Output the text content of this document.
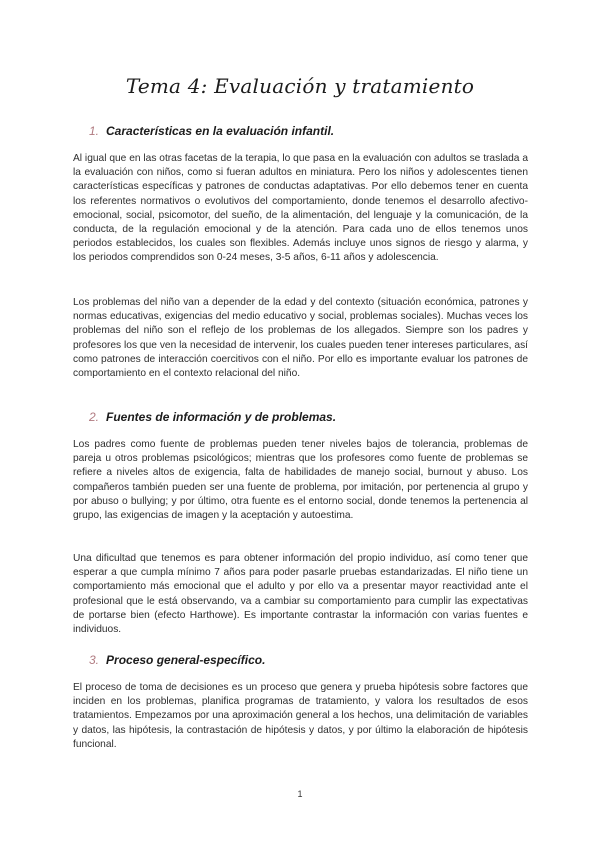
Tema 4: Evaluación y tratamiento
1. Características en la evaluación infantil.
Al igual que en las otras facetas de la terapia, lo que pasa en la evaluación con adultos se traslada a la evaluación con niños, como si fueran adultos en miniatura. Pero los niños y adolescentes tienen características específicas y patrones de conductas adaptativas. Por ello debemos tener en cuenta los referentes normativos o evolutivos del comportamiento, donde tenemos el desarrollo afectivo-emocional, social, psicomotor, del sueño, de la alimentación, del lenguaje y la comunicación, de la conducta, de la regulación emocional y de la atención. Para cada uno de ellos tenemos unos periodos establecidos, los cuales son flexibles. Además incluye unos signos de riesgo y alarma, y los periodos comprendidos son 0-24 meses, 3-5 años, 6-11 años y adolescencia.
Los problemas del niño van a depender de la edad y del contexto (situación económica, patrones y normas educativas, exigencias del medio educativo y social, problemas sociales). Muchas veces los problemas del niño son el reflejo de los problemas de los allegados. Siempre son los padres y profesores los que ven la necesidad de intervenir, los cuales pueden tener intereses particulares, así como patrones de interacción coercitivos con el niño. Por ello es importante evaluar los patrones de comportamiento en el contexto relacional del niño.
2. Fuentes de información y de problemas.
Los padres como fuente de problemas pueden tener niveles bajos de tolerancia, problemas de pareja u otros problemas psicológicos; mientras que los profesores como fuente de problemas se refiere a niveles altos de exigencia, falta de habilidades de manejo social, burnout y abuso. Los compañeros también pueden ser una fuente de problema, por imitación, por pertenencia al grupo y por abuso o bullying; y por último, otra fuente es el entorno social, donde tenemos la pertenencia al grupo, las exigencias de imagen y la aceptación y autoestima.
Una dificultad que tenemos es para obtener información del propio individuo, así como tener que esperar a que cumpla mínimo 7 años para poder pasarle pruebas estandarizadas. El niño tiene un comportamiento más emocional que el adulto y por ello va a presentar mayor reactividad ante el profesional que le está observando, va a cambiar su comportamiento para cumplir las expectativas de portarse bien (efecto Harthowe). Es importante contrastar la información con varias fuentes e individuos.
3. Proceso general-específico.
El proceso de toma de decisiones es un proceso que genera y prueba hipótesis sobre factores que inciden en los problemas, planifica programas de tratamiento, y valora los resultados de esos tratamientos. Empezamos por una aproximación general a los hechos, una delimitación de variables y datos, las hipótesis, la contrastación de hipótesis y datos, y por último la elaboración de hipótesis funcional.
1
